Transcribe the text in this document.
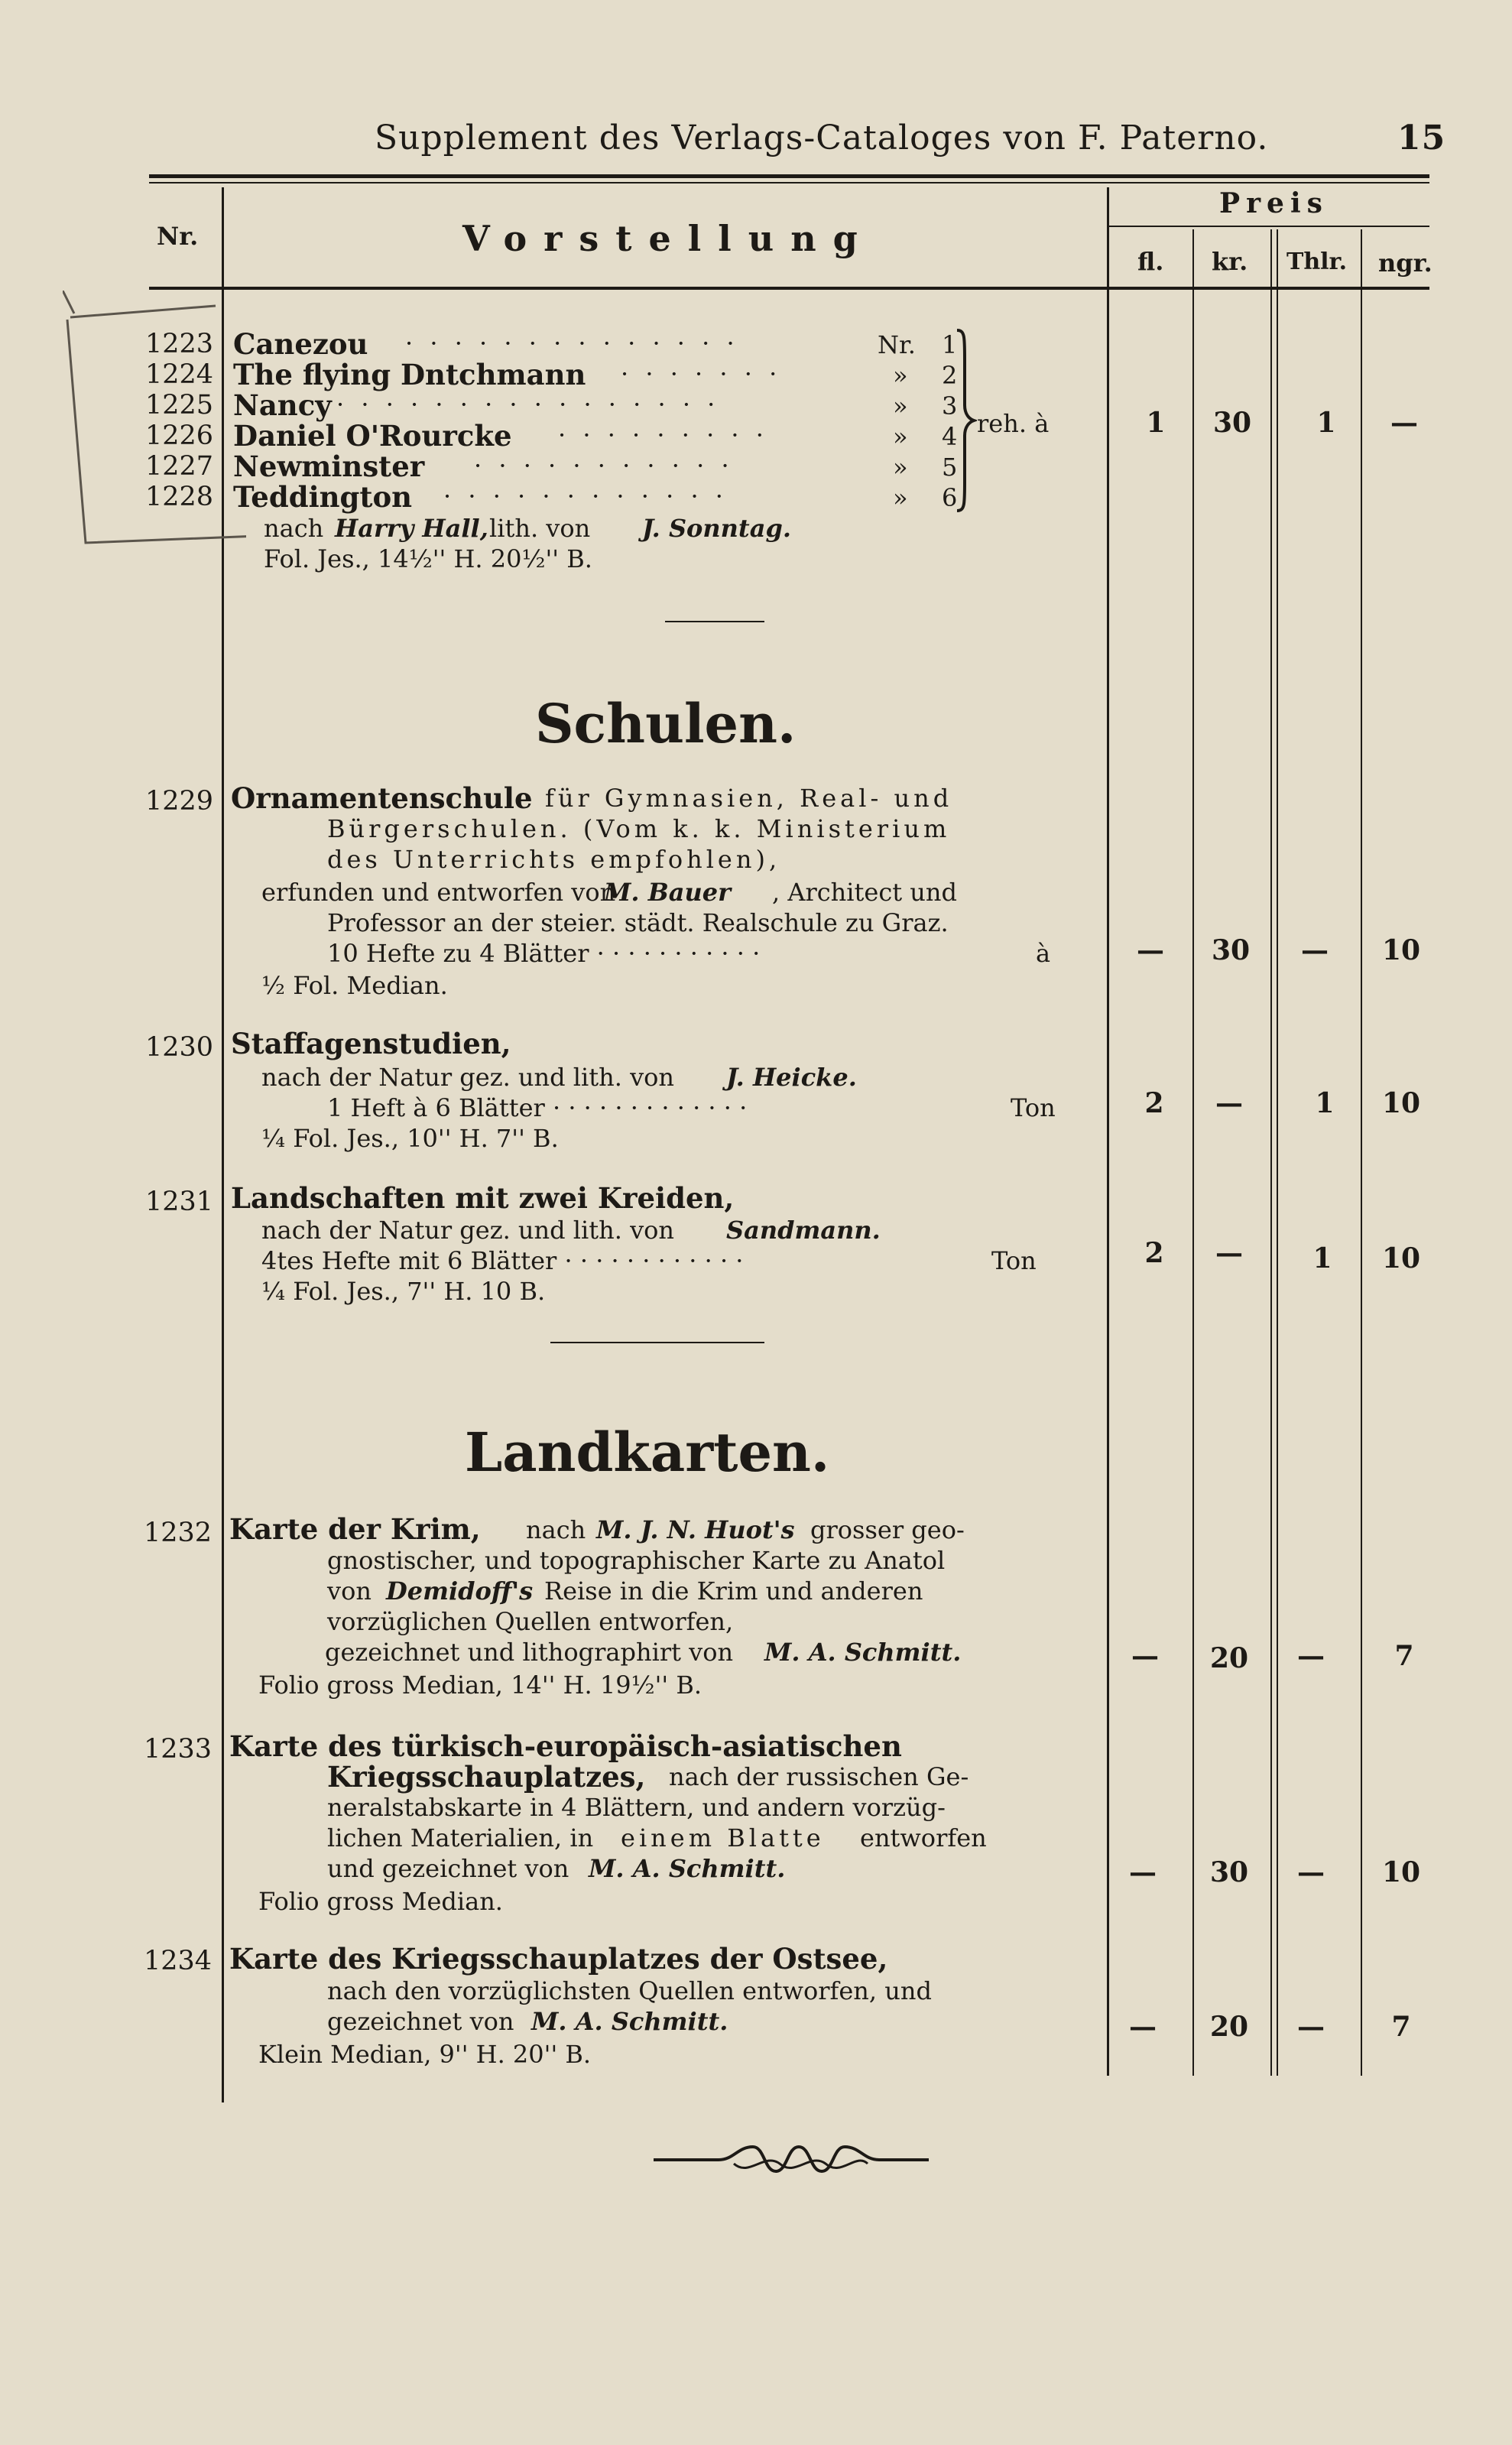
Supplement des Verlags-Cataloges von F. Paterno.	15
Nr.	Vorstellung
Preis
fl. kr. Thlr. ngr.
1223 Canezou · · · · · · · · · · · · · ·	Nr. 1
1224 The flying Dntchmann · · · · · · ·	» 2
1225 Nancy · · · · · · · · · · · · · · · ·	» 3
1226 Daniel O'Rourcke · · · · · · · · ·	» 4
1227 Newminster · · · · · · · · · · ·	» 5
1228 Teddington · · · · · · · · · · · ·	» 6
reh. à
nach Harry Hall, lith. von J. Sonntag.
Fol. Jes., 14½'' H. 20½'' B.
1	30	1	—
Schulen.
1229 Ornamentenschule für Gymnasien, Real- und
Bürgerschulen. (Vom k. k. Ministerium
des Unterrichts empfohlen),
erfunden und entworfen von
M. Bauer , Architect und
Professor an der steier. städt. Realschule zu Graz.
10 Hefte zu 4 Blätter · · · · · · · · · · ·	à
½ Fol. Median.
—	30	—	10
1230 Staffagenstudien,
nach der Natur gez. und lith. von J. Heicke.
1 Heft à 6 Blätter · · · · · · · · · · · · ·	Ton
¼ Fol. Jes., 10'' H. 7'' B.
2	—	1	10
1231 Landschaften mit zwei Kreiden,
nach der Natur gez. und lith. von Sandmann.
4tes Hefte mit 6 Blätter · · · · · · · · · · · ·	Ton
¼ Fol. Jes., 7'' H. 10 B.
2	—	1	10
Landkarten.
1232 Karte der Krim, nach M. J. N. Huot's grosser geo-
gnostischer, und topographischer Karte zu Anatol
von Demidoff's Reise in die Krim und anderen
vorzüglichen Quellen entworfen,
gezeichnet und lithographirt von M. A. Schmitt.
Folio gross Median, 14'' H. 19½'' B.
—	20	—	7
1233 Karte des türkisch-europäisch-asiatischen
Kriegsschauplatzes, nach der russischen Ge-
neralstabskarte in 4 Blättern, und andern vorzüg-
lichen Materialien, in einem Blatte entworfen
und gezeichnet von M. A. Schmitt.
Folio gross Median.
—	30	—	10
1234 Karte des Kriegsschauplatzes der Ostsee,
nach den vorzüglichsten Quellen entworfen, und
gezeichnet von M. A. Schmitt.
Klein Median, 9'' H. 20'' B.
—	20	—	7
